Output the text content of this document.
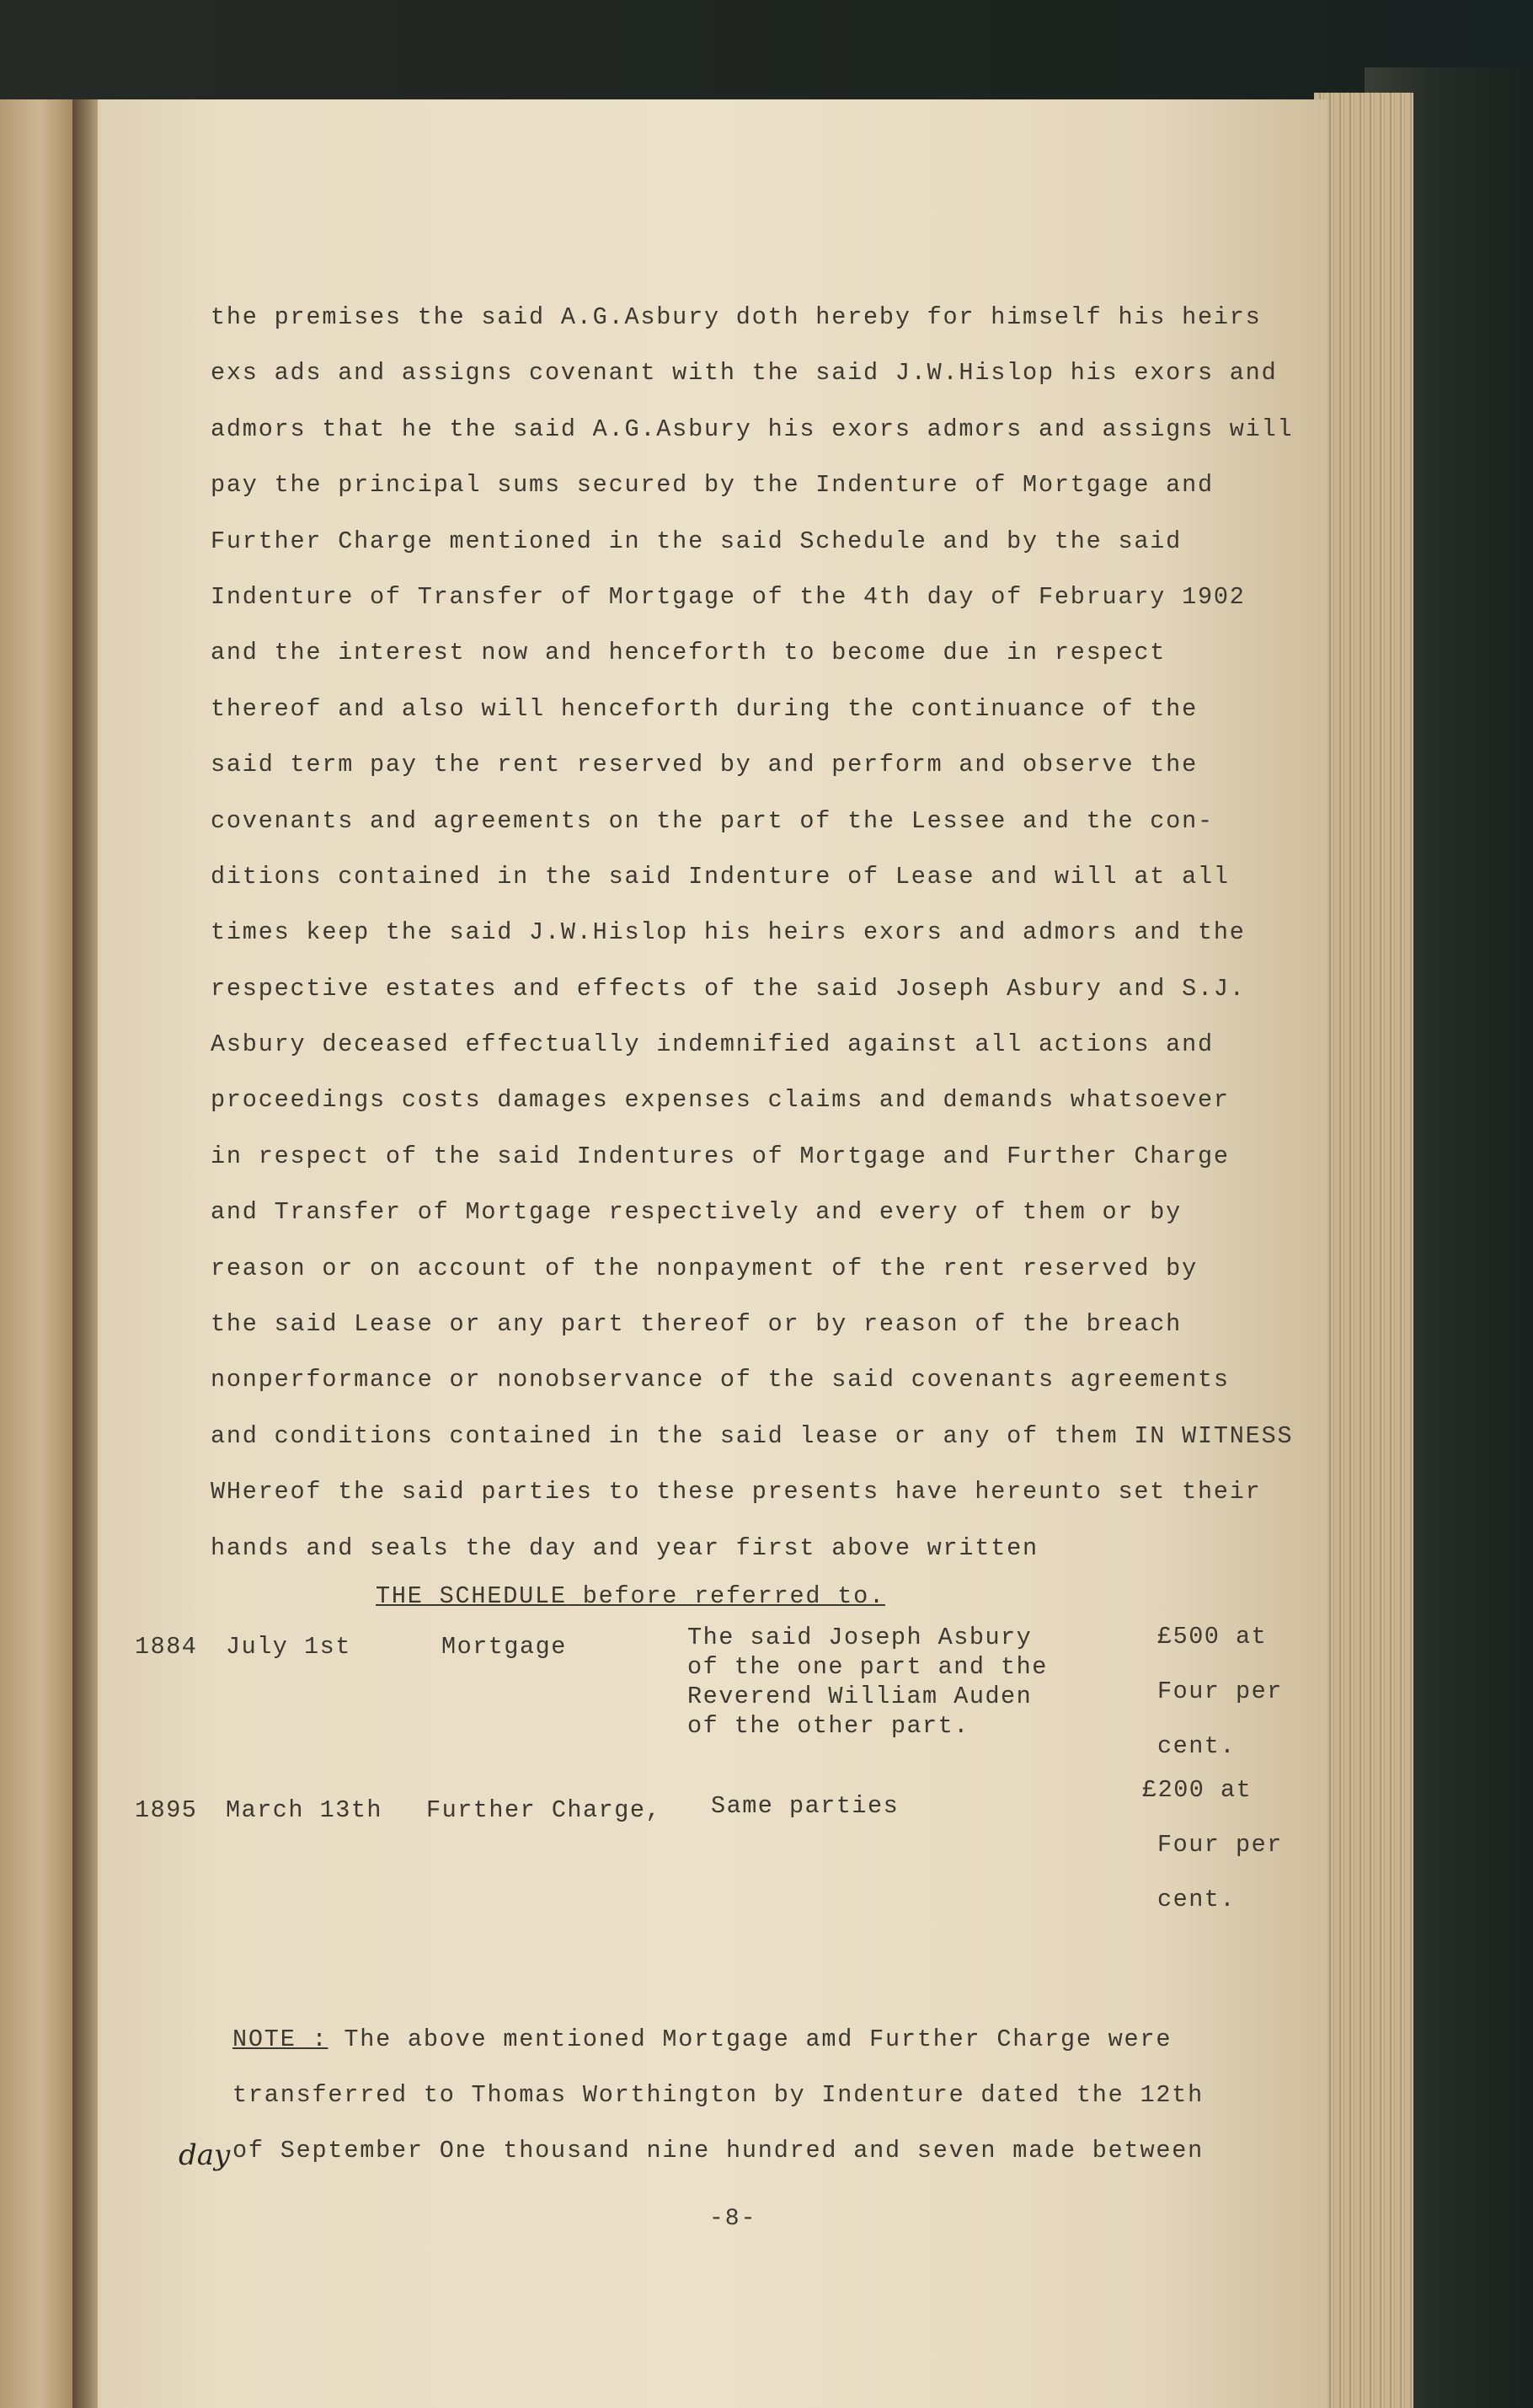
the premises the said A.G.Asbury doth hereby for himself his heirs
exs ads and assigns covenant with the said J.W.Hislop his exors and
admors that he the said A.G.Asbury his exors admors and assigns will
pay the principal sums secured by the Indenture of Mortgage and
Further Charge mentioned in the said Schedule and by the said
Indenture of Transfer of Mortgage of the 4th day of February 1902
and the interest now and henceforth to become due in respect
thereof and also will henceforth during the continuance of the
said term pay the rent reserved by and perform and observe the
covenants and agreements on the part of the Lessee and the con-
ditions contained in the said Indenture of Lease and will at all
times keep the said J.W.Hislop his heirs exors and admors and the
respective estates and effects of the said Joseph Asbury and S.J.
Asbury deceased effectually indemnified against all actions and
proceedings costs damages expenses claims and demands whatsoever
in respect of the said Indentures of Mortgage and Further Charge
and Transfer of Mortgage respectively and every of them or by
reason or on account of the nonpayment of the rent reserved by
the said Lease or any part thereof or by reason of the breach
nonperformance or nonobservance of the said covenants agreements
and conditions contained in the said lease or any of them IN WITNESS
WHereof the said parties to these presents have hereunto set their
hands and seals the day and year first above written
THE SCHEDULE before referred to.
1884 July 1st	Mortgage	The said Joseph Asbury
of the one part and the
Reverend William Auden
of the other part.
£500 at
Four per
cent.
1895 March 13th Further Charge, Same parties
£200 at
Four per
cent.
NOTE : The above mentioned Mortgage amd Further Charge were
transferred to Thomas Worthington by Indenture dated the 12th
of September One thousand nine hundred and seven made between
day
-8-
